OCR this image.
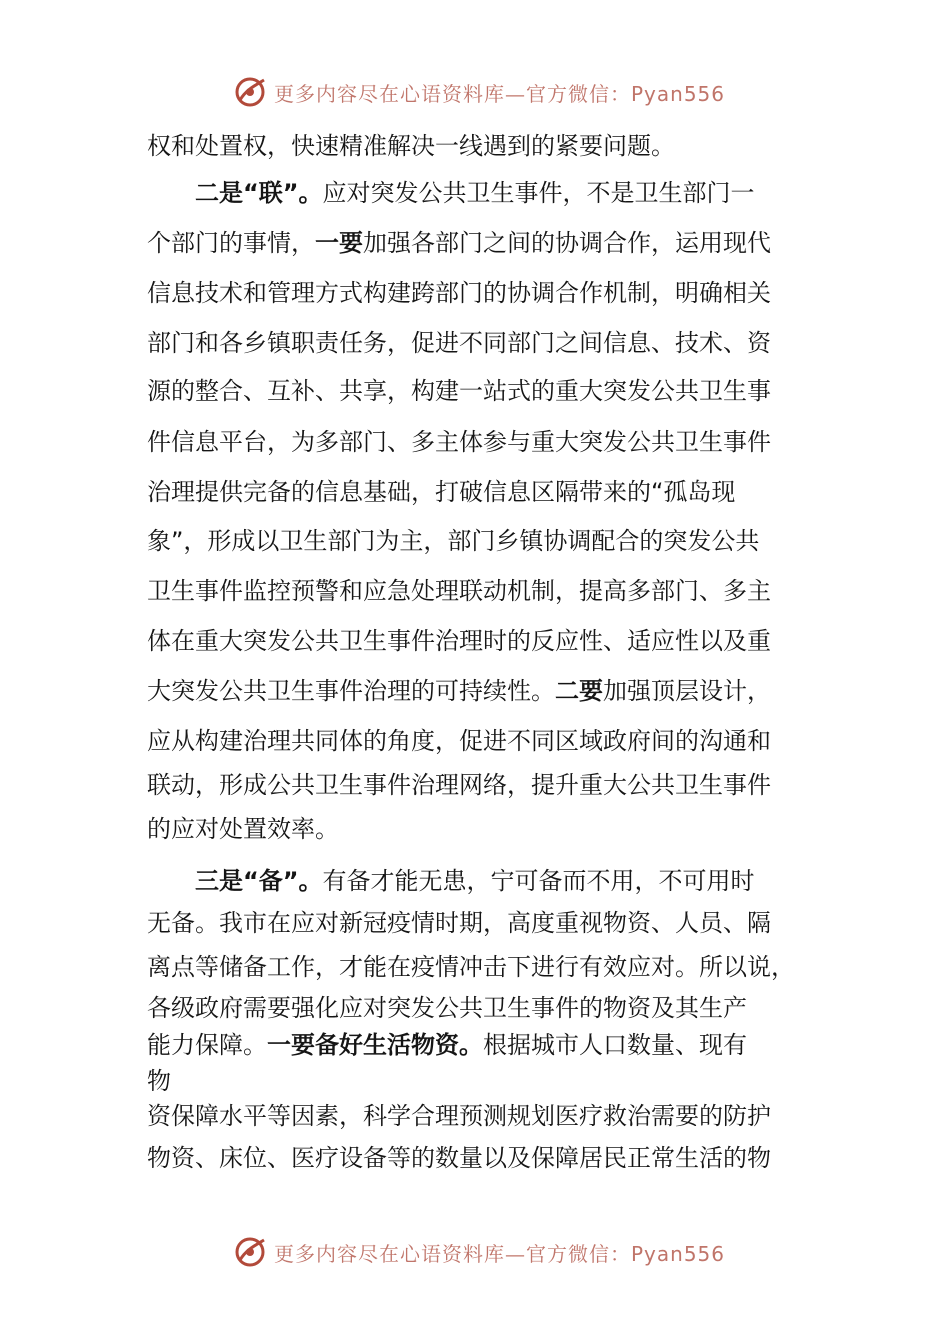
更多内容尽在心语资料库—官方微信：Pyan556
权和处置权，快速精准解决一线遇到的紧要问题。
二是“联”。应对突发公共卫生事件，不是卫生部门一
个部门的事情，一要加强各部门之间的协调合作，运用现代
信息技术和管理方式构建跨部门的协调合作机制，明确相关
部门和各乡镇职责任务，促进不同部门之间信息、技术、资
源的整合、互补、共享，构建一站式的重大突发公共卫生事
件信息平台，为多部门、多主体参与重大突发公共卫生事件
治理提供完备的信息基础，打破信息区隔带来的“孤岛现
象”，形成以卫生部门为主，部门乡镇协调配合的突发公共
卫生事件监控预警和应急处理联动机制，提高多部门、多主
体在重大突发公共卫生事件治理时的反应性、适应性以及重
大突发公共卫生事件治理的可持续性。二要加强顶层设计，
应从构建治理共同体的角度，促进不同区域政府间的沟通和
联动，形成公共卫生事件治理网络，提升重大公共卫生事件
的应对处置效率。
三是“备”。有备才能无患，宁可备而不用，不可用时
无备。我市在应对新冠疫情时期，高度重视物资、人员、隔
离点等储备工作，才能在疫情冲击下进行有效应对。所以说，
各级政府需要强化应对突发公共卫生事件的物资及其生产
能力保障。一要备好生活物资。根据城市人口数量、现有
物
资保障水平等因素，科学合理预测规划医疗救治需要的防护
物资、床位、医疗设备等的数量以及保障居民正常生活的物
更多内容尽在心语资料库—官方微信：Pyan556
